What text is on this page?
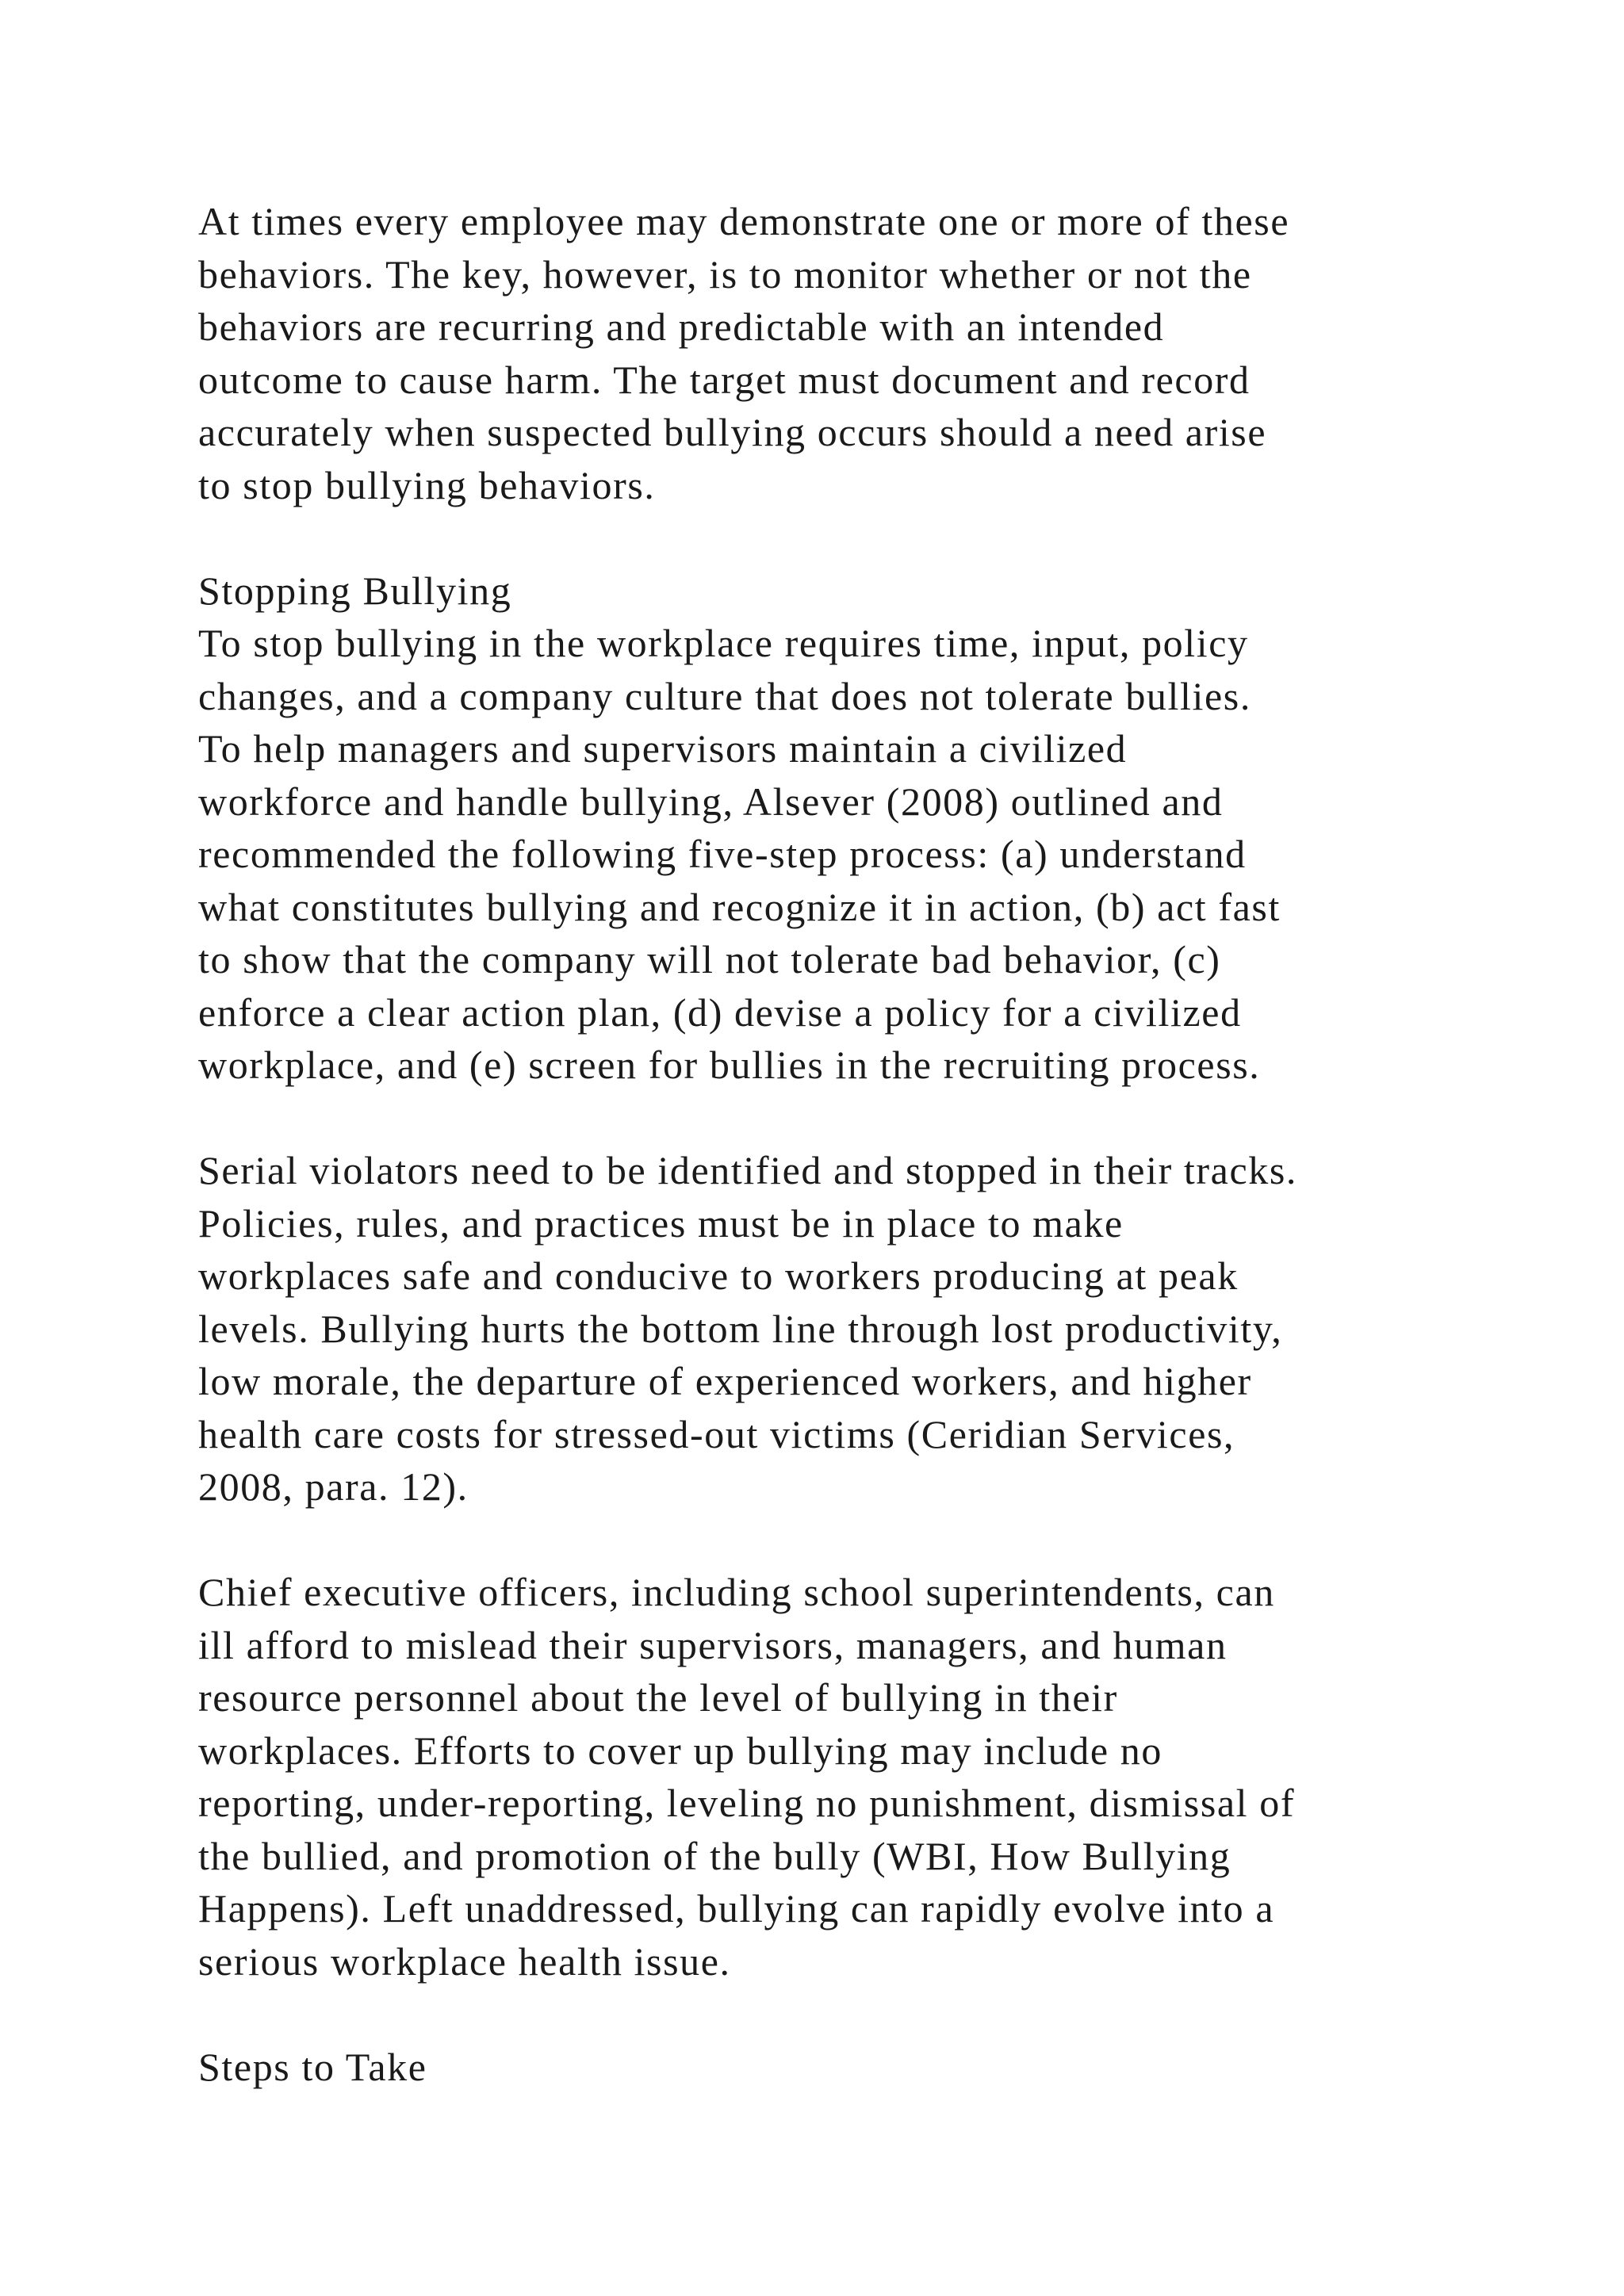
At times every employee may demonstrate one or more of these
behaviors. The key, however, is to monitor whether or not the
behaviors are recurring and predictable with an intended
outcome to cause harm. The target must document and record
accurately when suspected bullying occurs should a need arise
to stop bullying behaviors.
Stopping Bullying
To stop bullying in the workplace requires time, input, policy
changes, and a company culture that does not tolerate bullies.
To help managers and supervisors maintain a civilized
workforce and handle bullying, Alsever (2008) outlined and
recommended the following five-step process: (a) understand
what constitutes bullying and recognize it in action, (b) act fast
to show that the company will not tolerate bad behavior, (c)
enforce a clear action plan, (d) devise a policy for a civilized
workplace, and (e) screen for bullies in the recruiting process.
Serial violators need to be identified and stopped in their tracks.
Policies, rules, and practices must be in place to make
workplaces safe and conducive to workers producing at peak
levels. Bullying hurts the bottom line through lost productivity,
low morale, the departure of experienced workers, and higher
health care costs for stressed-out victims (Ceridian Services,
2008, para. 12).
Chief executive officers, including school superintendents, can
ill afford to mislead their supervisors, managers, and human
resource personnel about the level of bullying in their
workplaces. Efforts to cover up bullying may include no
reporting, under-reporting, leveling no punishment, dismissal of
the bullied, and promotion of the bully (WBI, How Bullying
Happens). Left unaddressed, bullying can rapidly evolve into a
serious workplace health issue.
Steps to Take
